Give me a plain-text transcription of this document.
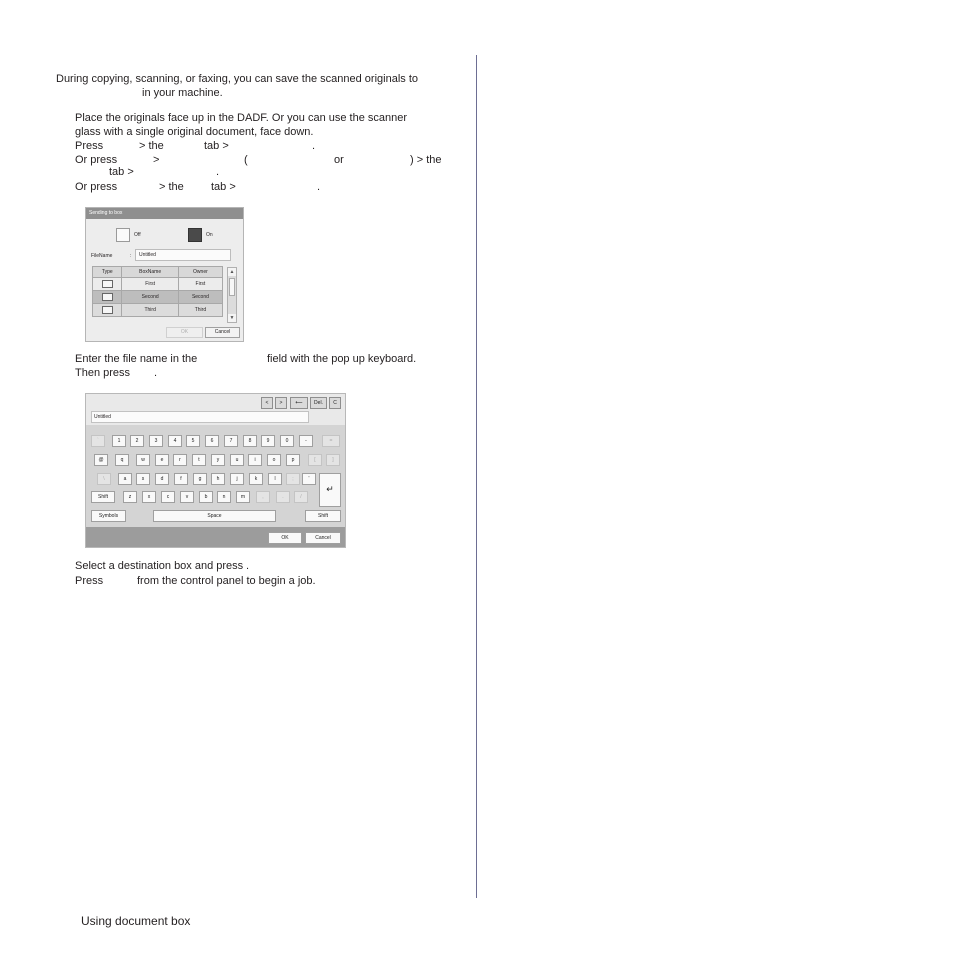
During copying, scanning, or faxing, you can save the scanned originals to
in your machine.
Place the originals face up in the DADF. Or you can use the scanner
glass with a single original document, face down.
Press	> the	tab >	.
Or press	>	(	or	) > the
tab >	.
Or press	> the tab >	.
Sending to box
Off	On
FileName	:	Untitled
Type	BoxName	Owner
	First	First
	Second	Second
	Third	Third
▲
▼
OK	Cancel
Enter the file name in the	field with the pop up keyboard.
Then press .
<	>	⟵	Del.	C
Untitled
`	1	2	3	4	5	6	7	8	9	0	-	=
@	q	w	e	r	t	y	u	i	o	p	[	]
\	a	s	d	f	g	h	j	k	l	;	'
↵
Shift	z	x	c	v	b	n	m	,	.	/
Symbols	Space	Shift
OK	Cancel
Select a destination box and press .
Press	from the control panel to begin a job.
Using document box
